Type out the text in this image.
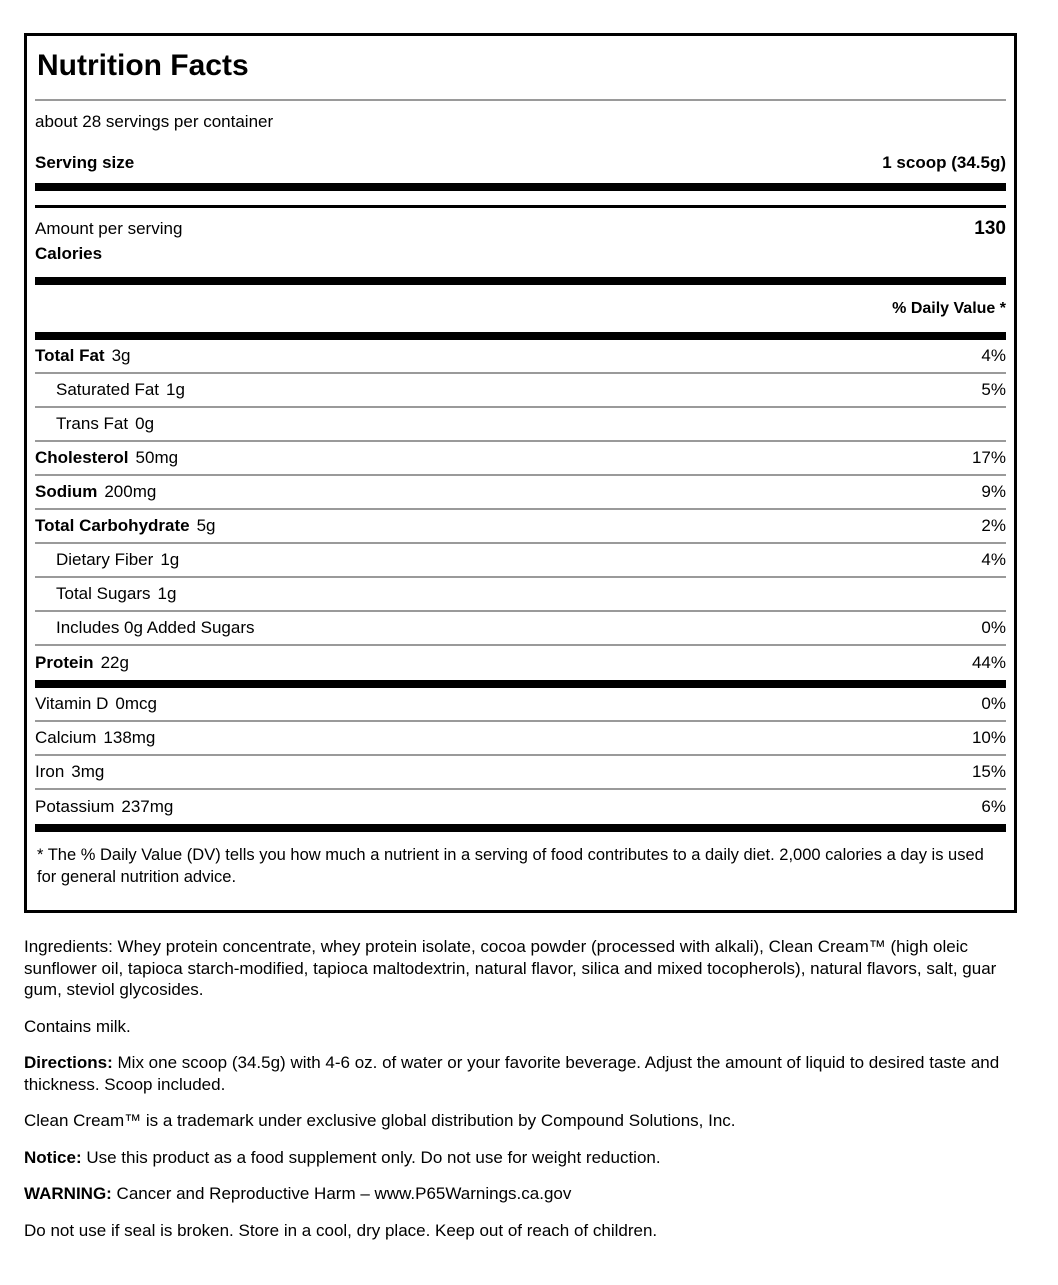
Nutrition Facts
about 28 servings per container
Serving size	1 scoop (34.5g)
Amount per serving	130
Calories
% Daily Value *
Total Fat 3g	4%
Saturated Fat 1g	5%
Trans Fat 0g
Cholesterol 50mg	17%
Sodium 200mg	9%
Total Carbohydrate 5g	2%
Dietary Fiber 1g	4%
Total Sugars 1g
Includes 0g Added Sugars	0%
Protein 22g	44%
Vitamin D 0mcg	0%
Calcium 138mg	10%
Iron 3mg	15%
Potassium 237mg	6%
* The % Daily Value (DV) tells you how much a nutrient in a serving of food contributes to a daily diet. 2,000 calories a day is used for general nutrition advice.

Ingredients: Whey protein concentrate, whey protein isolate, cocoa powder (processed with alkali), Clean Cream™ (high oleic sunflower oil, tapioca starch-modified, tapioca maltodextrin, natural flavor, silica and mixed tocopherols), natural flavors, salt, guar gum, steviol glycosides.

Contains milk.

Directions: Mix one scoop (34.5g) with 4-6 oz. of water or your favorite beverage. Adjust the amount of liquid to desired taste and thickness. Scoop included.

Clean Cream™ is a trademark under exclusive global distribution by Compound Solutions, Inc.

Notice: Use this product as a food supplement only. Do not use for weight reduction.

WARNING: Cancer and Reproductive Harm – www.P65Warnings.ca.gov

Do not use if seal is broken. Store in a cool, dry place. Keep out of reach of children.
